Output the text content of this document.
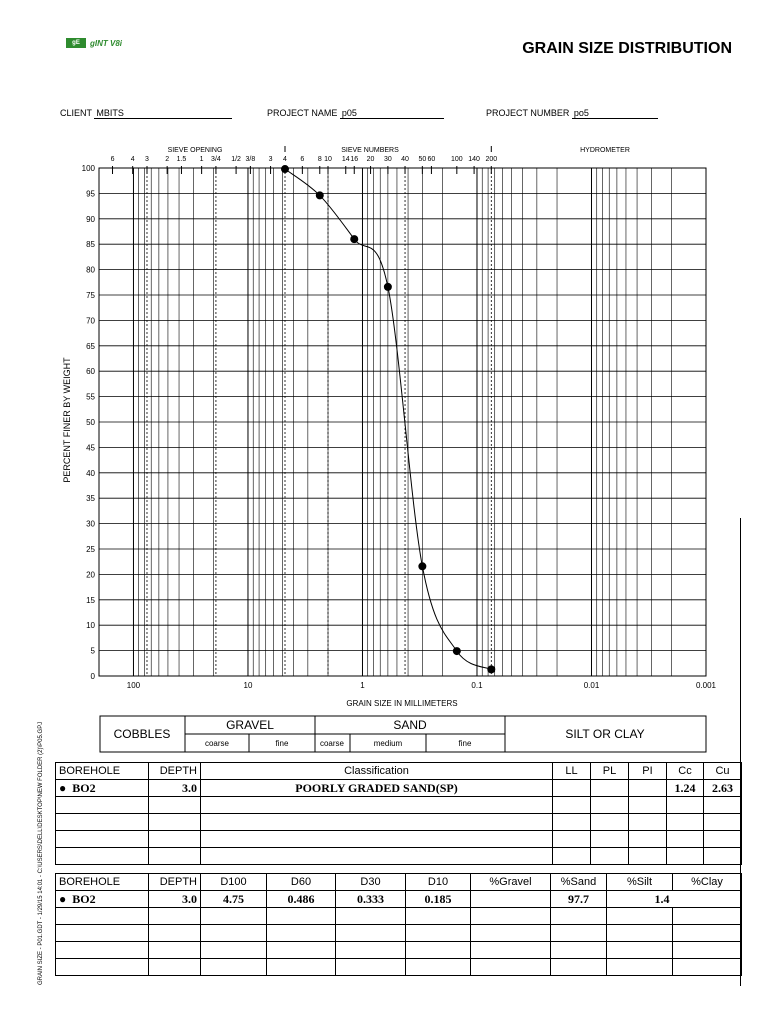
gE	gINT V8i	GRAIN SIZE DISTRIBUTION
CLIENT MBITS	PROJECT NAME p05	PROJECT NUMBER po5
SIEVE OPENING	SIEVE NUMBERS	HYDROMETER
6 4 3 2 1.5 1 3/4 1/2 3/8 3 4 6 8 10 14 16 20 30 40 50 60 100 140 200
0
5
10
15
20
25
30
35
40
45
50
55
60
65
70
75
80
85
90
95
100
100	10	1	0.1	0.01	0.001
GRAIN SIZE IN MILLIMETERS
PERCENT FINER BY WEIGHT
COBBLES
GRAVEL
coarse	fine
SAND
coarse	medium	fine
SILT OR CLAY
GRAIN SIZE - P01.GDT - 1/29/15 14:01 - C:\USERS\DELL\DESKTOP\NEW FOLDER (2)\P05.GPJ BOREHOLE	DEPTH	Classification	LL	PL	PI	Cc	Cu
● BO2	3.0	POORLY GRADED SAND(SP)				1.24	2.63

BOREHOLE	DEPTH	D100	D60	D30	D10	%Gravel	%Sand	%Silt	%Clay
● BO2	3.0	4.75	0.486	0.333	0.185		97.7	1.4	
